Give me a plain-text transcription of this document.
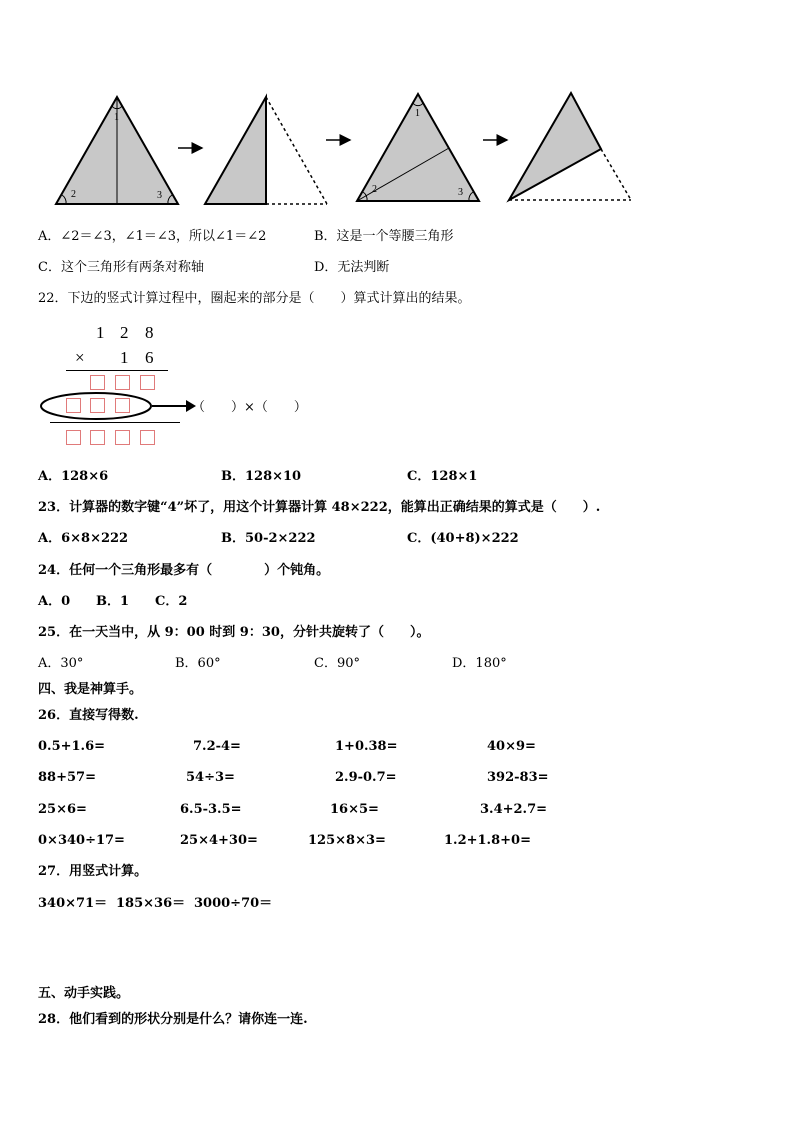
1
2	3
1
2	3
A．∠2＝∠3，∠1＝∠3，所以∠1＝∠2	B．这是一个等腰三角形
C．这个三角形有两条对称轴	D．无法判断
22．下边的竖式计算过程中，圈起来的部分是（　　）算式计算出的结果。
1 2 8
× 1 6
（　　）×（　　）
A．128×6	B．128×10	C．128×1
23．计算器的数字键“4”坏了，用这个计算器计算 48×222，能算出正确结果的算式是（　　）.
A．6×8×222	B．50-2×222	C．(40+8)×222
24．任何一个三角形最多有（　　　　）个钝角。
A．0 B．1 C．2
25．在一天当中，从 9：00 时到 9：30，分针共旋转了（　　）。
A．30°	B．60°	C．90°	D．180°
四、我是神算手。
26．直接写得数.
0.5+1.6=	7.2-4=	1+0.38=	40×9=
88+57=	54÷3=	2.9-0.7=	392-83=
25×6=	6.5-3.5=	16×5=	3.4+2.7=
0×340÷17=	25×4+30=	125×8×3=	1.2+1.8+0=
27．用竖式计算。
340×71＝ 185×36＝ 3000÷70＝
五、动手实践。
28．他们看到的形状分别是什么？请你连一连.
